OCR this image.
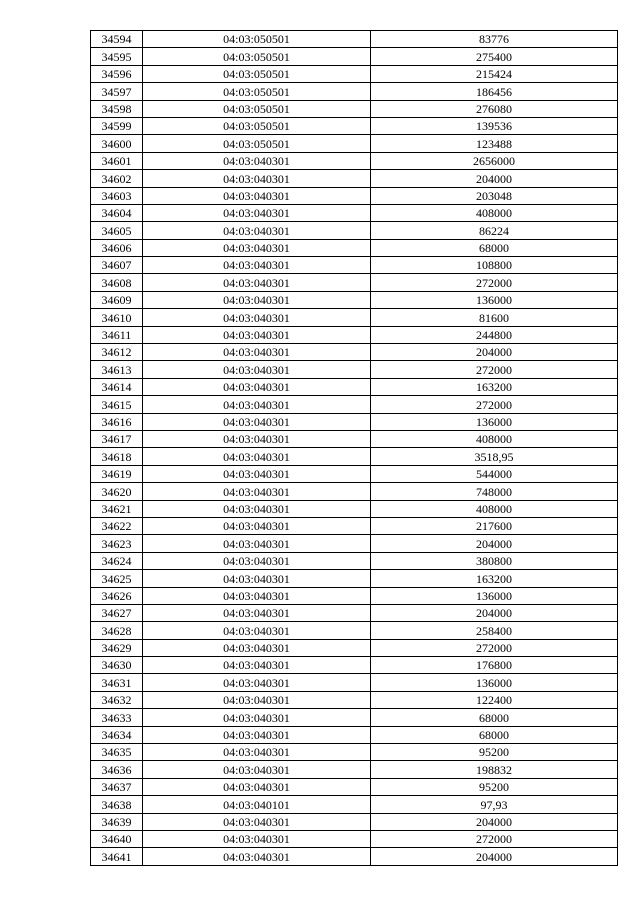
34594	04:03:050501	83776
34595	04:03:050501	275400
34596	04:03:050501	215424
34597	04:03:050501	186456
34598	04:03:050501	276080
34599	04:03:050501	139536
34600	04:03:050501	123488
34601	04:03:040301	2656000
34602	04:03:040301	204000
34603	04:03:040301	203048
34604	04:03:040301	408000
34605	04:03:040301	86224
34606	04:03:040301	68000
34607	04:03:040301	108800
34608	04:03:040301	272000
34609	04:03:040301	136000
34610	04:03:040301	81600
34611	04:03:040301	244800
34612	04:03:040301	204000
34613	04:03:040301	272000
34614	04:03:040301	163200
34615	04:03:040301	272000
34616	04:03:040301	136000
34617	04:03:040301	408000
34618	04:03:040301	3518,95
34619	04:03:040301	544000
34620	04:03:040301	748000
34621	04:03:040301	408000
34622	04:03:040301	217600
34623	04:03:040301	204000
34624	04:03:040301	380800
34625	04:03:040301	163200
34626	04:03:040301	136000
34627	04:03:040301	204000
34628	04:03:040301	258400
34629	04:03:040301	272000
34630	04:03:040301	176800
34631	04:03:040301	136000
34632	04:03:040301	122400
34633	04:03:040301	68000
34634	04:03:040301	68000
34635	04:03:040301	95200
34636	04:03:040301	198832
34637	04:03:040301	95200
34638	04:03:040101	97,93
34639	04:03:040301	204000
34640	04:03:040301	272000
34641	04:03:040301	204000
